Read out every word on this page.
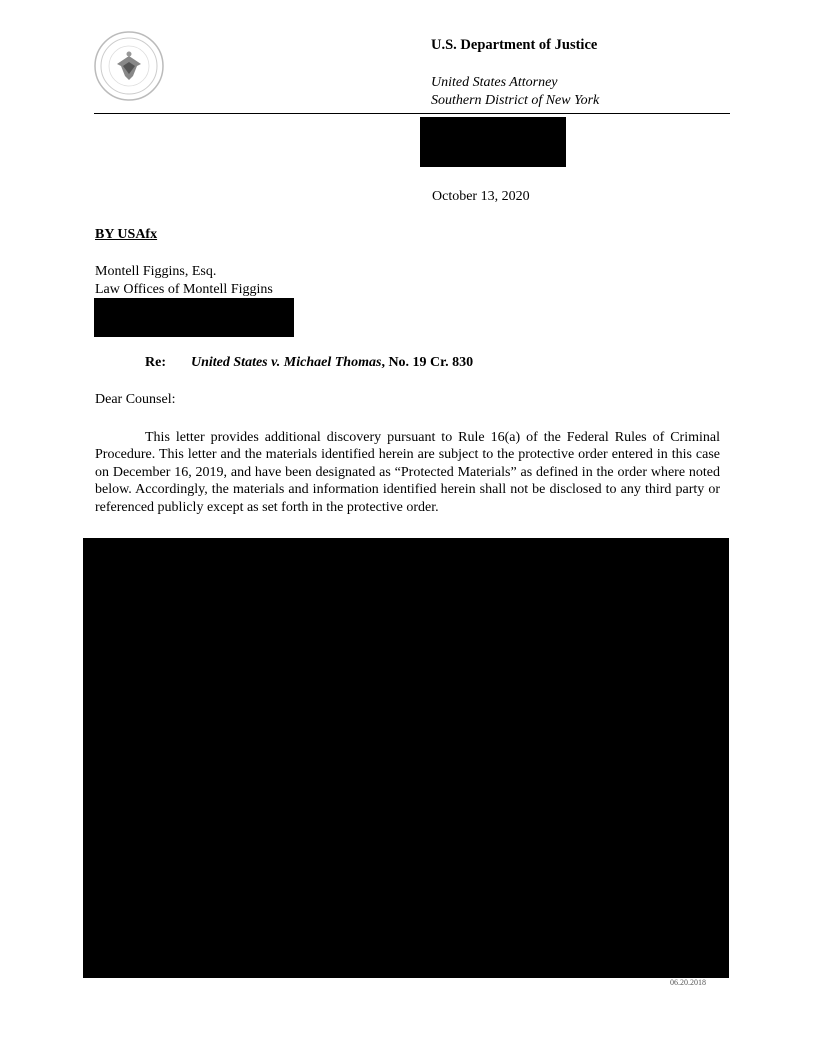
U.S. Department of Justice
United States Attorney
Southern District of New York
October 13, 2020
BY USAfx
Montell Figgins, Esq.
Law Offices of Montell Figgins
Re: United States v. Michael Thomas, No. 19 Cr. 830
Dear Counsel:

This letter provides additional discovery pursuant to Rule 16(a) of the Federal Rules of Criminal Procedure. This letter and the materials identified herein are subject to the protective order entered in this case on December 16, 2019, and have been designated as “Protected Materials” as defined in the order where noted below. Accordingly, the materials and information identified herein shall not be disclosed to any third party or referenced publicly except as set forth in the protective order.

06.20.2018
